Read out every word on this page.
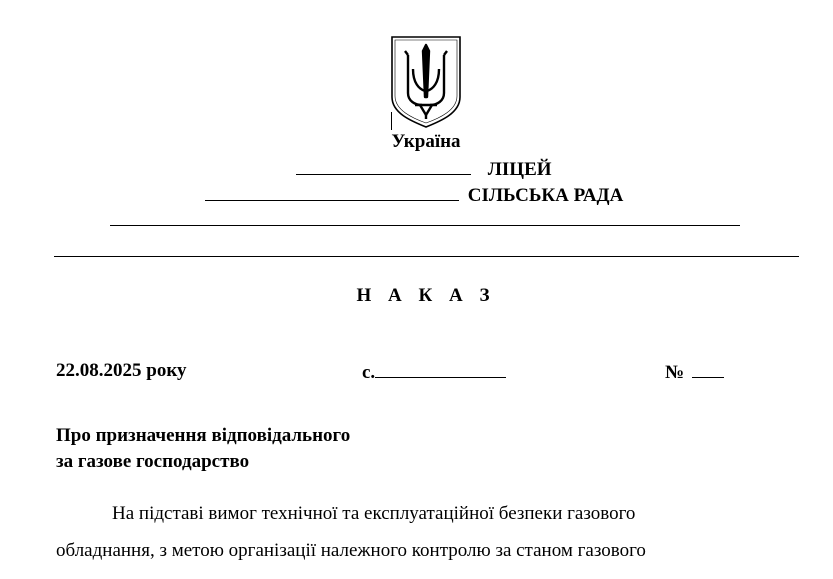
Україна
ЛІЦЕЙ
СІЛЬСЬКА РАДА
Н А К А З
22.08.2025 року	с.	№
Про призначення відповідального
за газове господарство
На підставі вимог технічної та експлуатаційної безпеки газового
обладнання, з метою організації належного контролю за станом газового
